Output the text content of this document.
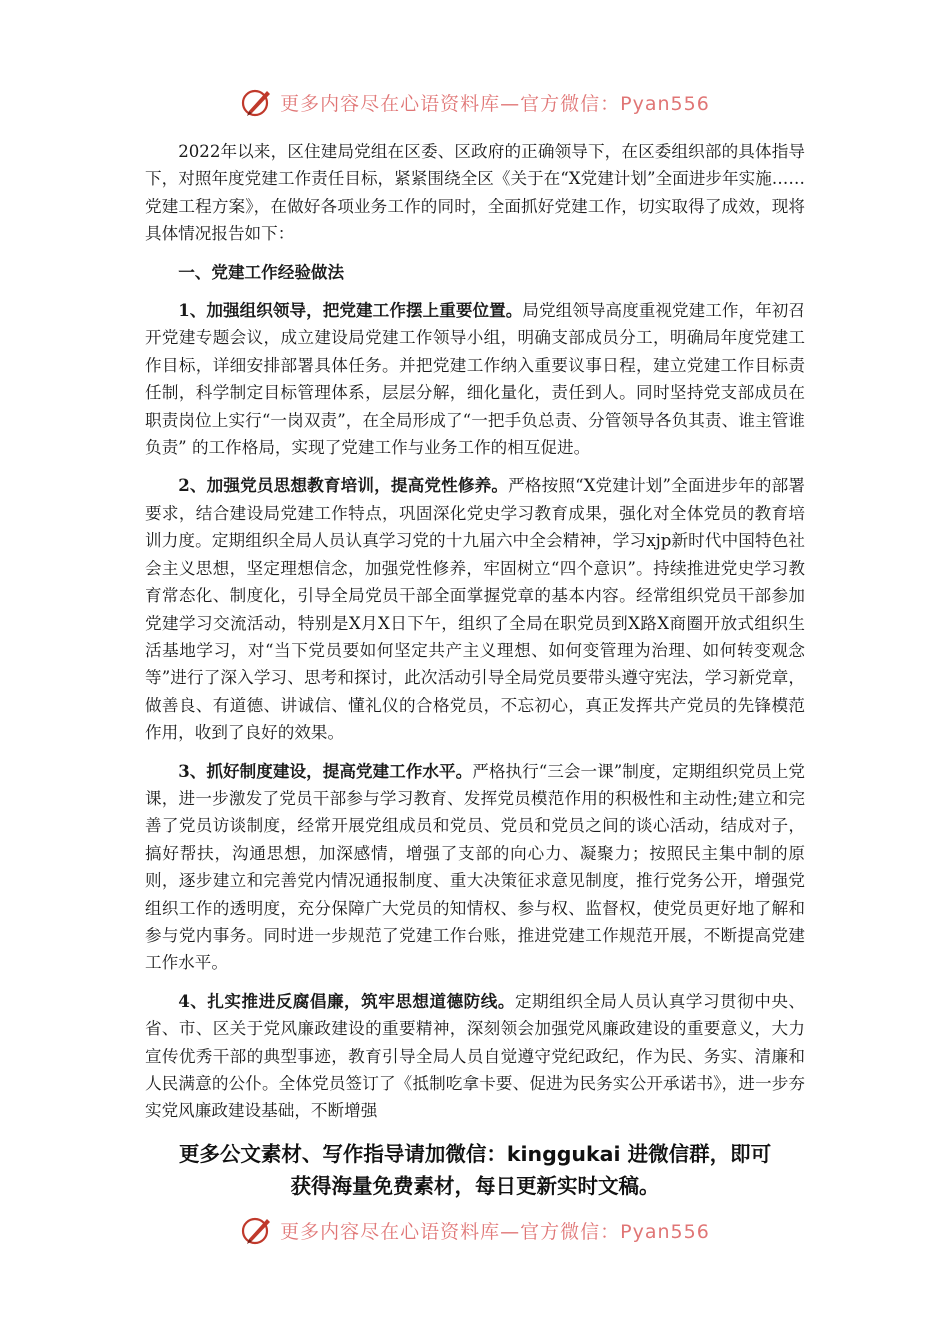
更多内容尽在心语资料库—官方微信：Pyan556

2022年以来，区住建局党组在区委、区政府的正确领导下，在区委组织部的具体指导下，对照年度党建工作责任目标，紧紧围绕全区《关于在“X党建计划”全面进步年实施……党建工程方案》，在做好各项业务工作的同时，全面抓好党建工作，切实取得了成效，现将具体情况报告如下：

一、党建工作经验做法

1、加强组织领导，把党建工作摆上重要位置。局党组领导高度重视党建工作，年初召开党建专题会议，成立建设局党建工作领导小组，明确支部成员分工，明确局年度党建工作目标，详细安排部署具体任务。并把党建工作纳入重要议事日程，建立党建工作目标责任制，科学制定目标管理体系，层层分解，细化量化，责任到人。同时坚持党支部成员在职责岗位上实行“一岗双责”，在全局形成了“一把手负总责、分管领导各负其责、谁主管谁负责” 的工作格局，实现了党建工作与业务工作的相互促进。

2、加强党员思想教育培训，提高党性修养。严格按照“X党建计划”全面进步年的部署要求，结合建设局党建工作特点，巩固深化党史学习教育成果，强化对全体党员的教育培训力度。定期组织全局人员认真学习党的十九届六中全会精神，学习xjp新时代中国特色社会主义思想，坚定理想信念，加强党性修养，牢固树立“四个意识”。持续推进党史学习教育常态化、制度化，引导全局党员干部全面掌握党章的基本内容。经常组织党员干部参加党建学习交流活动，特别是X月X日下午，组织了全局在职党员到X路X商圈开放式组织生活基地学习，对“当下党员要如何坚定共产主义理想、如何变管理为治理、如何转变观念等”进行了深入学习、思考和探讨，此次活动引导全局党员要带头遵守宪法，学习新党章，做善良、有道德、讲诚信、懂礼仪的合格党员，不忘初心，真正发挥共产党员的先锋模范作用，收到了良好的效果。

3、抓好制度建设，提高党建工作水平。严格执行“三会一课”制度，定期组织党员上党课，进一步激发了党员干部参与学习教育、发挥党员模范作用的积极性和主动性;建立和完善了党员访谈制度，经常开展党组成员和党员、党员和党员之间的谈心活动，结成对子，搞好帮扶，沟通思想，加深感情，增强了支部的向心力、凝聚力；按照民主集中制的原则，逐步建立和完善党内情况通报制度、重大决策征求意见制度，推行党务公开，增强党组织工作的透明度，充分保障广大党员的知情权、参与权、监督权，使党员更好地了解和参与党内事务。同时进一步规范了党建工作台账，推进党建工作规范开展，不断提高党建工作水平。

4、扎实推进反腐倡廉，筑牢思想道德防线。定期组织全局人员认真学习贯彻中央、省、市、区关于党风廉政建设的重要精神，深刻领会加强党风廉政建设的重要意义，大力宣传优秀干部的典型事迹，教育引导全局人员自觉遵守党纪政纪，作为民、务实、清廉和人民满意的公仆。全体党员签订了《抵制吃拿卡要、促进为民务实公开承诺书》，进一步夯实党风廉政建设基础，不断增强

更多公文素材、写作指导请加微信：kinggukai 进微信群，即可
获得海量免费素材，每日更新实时文稿。
更多内容尽在心语资料库—官方微信：Pyan556
